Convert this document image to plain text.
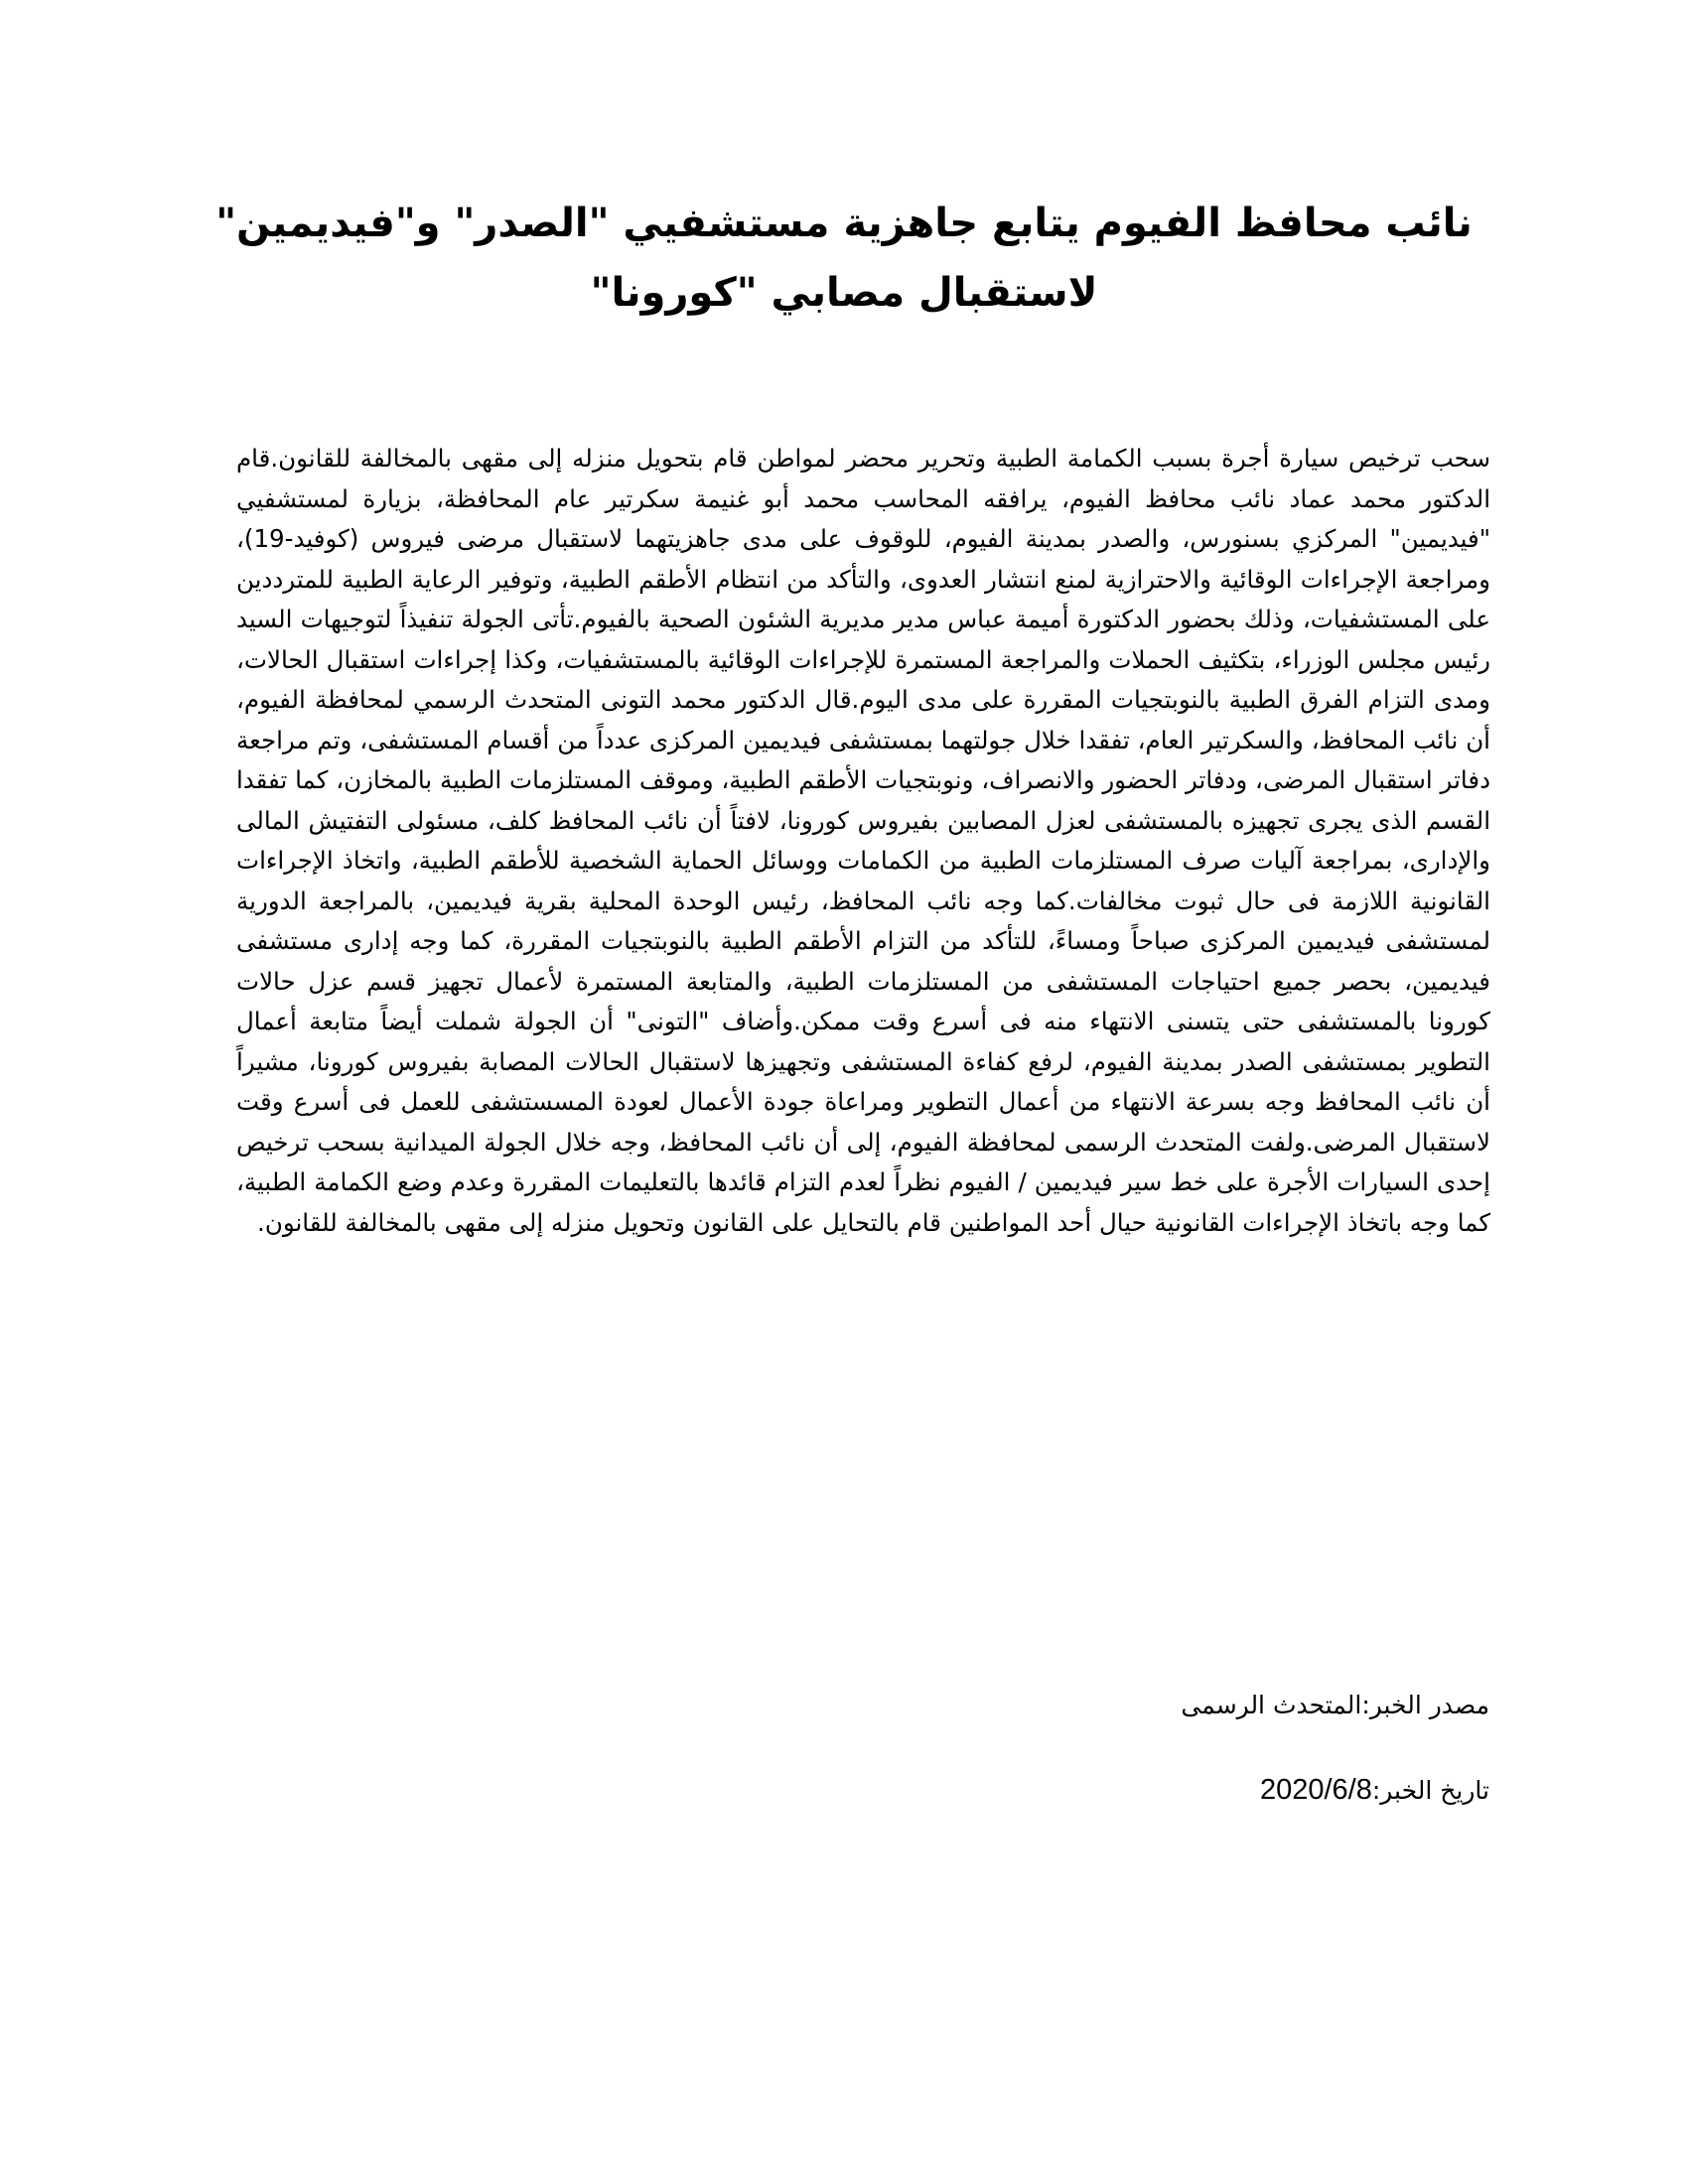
نائب محافظ الفيوم يتابع جاهزية مستشفيي "الصدر" و"فيديمين" لاستقبال مصابي "كورونا"

سحب ترخيص سيارة أجرة بسبب الكمامة الطبية وتحرير محضر لمواطن قام بتحويل منزله إلى مقهى بالمخالفة للقانون.قام الدكتور محمد عماد نائب محافظ الفيوم، يرافقه المحاسب محمد أبو غنيمة سكرتير عام المحافظة، بزيارة لمستشفيي "فيديمين" المركزي بسنورس، والصدر بمدينة الفيوم، للوقوف على مدى جاهزيتهما لاستقبال مرضى فيروس (كوفيد-19)، ومراجعة الإجراءات الوقائية والاحترازية لمنع انتشار العدوى، والتأكد من انتظام الأطقم الطبية، وتوفير الرعاية الطبية للمترددين على المستشفيات، وذلك بحضور الدكتورة أميمة عباس مدير مديرية الشئون الصحية بالفيوم.تأتى الجولة تنفيذاً لتوجيهات السيد رئيس مجلس الوزراء، بتكثيف الحملات والمراجعة المستمرة للإجراءات الوقائية بالمستشفيات، وكذا إجراءات استقبال الحالات، ومدى التزام الفرق الطبية بالنوبتجيات المقررة على مدى اليوم.قال الدكتور محمد التونى المتحدث الرسمي لمحافظة الفيوم، أن نائب المحافظ، والسكرتير العام، تفقدا خلال جولتهما بمستشفى فيديمين المركزى عدداً من أقسام المستشفى، وتم مراجعة دفاتر استقبال المرضى، ودفاتر الحضور والانصراف، ونوبتجيات الأطقم الطبية، وموقف المستلزمات الطبية بالمخازن، كما تفقدا القسم الذى يجرى تجهيزه بالمستشفى لعزل المصابين بفيروس كورونا، لافتاً أن نائب المحافظ كلف، مسئولى التفتيش المالى والإدارى، بمراجعة آليات صرف المستلزمات الطبية من الكمامات ووسائل الحماية الشخصية للأطقم الطبية، واتخاذ الإجراءات القانونية اللازمة فى حال ثبوت مخالفات.كما وجه نائب المحافظ، رئيس الوحدة المحلية بقرية فيديمين، بالمراجعة الدورية لمستشفى فيديمين المركزى صباحاً ومساءً، للتأكد من التزام الأطقم الطبية بالنوبتجيات المقررة، كما وجه إدارى مستشفى فيديمين، بحصر جميع احتياجات المستشفى من المستلزمات الطبية، والمتابعة المستمرة لأعمال تجهيز قسم عزل حالات كورونا بالمستشفى حتى يتسنى الانتهاء منه فى أسرع وقت ممكن.وأضاف "التونى" أن الجولة شملت أيضاً متابعة أعمال التطوير بمستشفى الصدر بمدينة الفيوم، لرفع كفاءة المستشفى وتجهيزها لاستقبال الحالات المصابة بفيروس كورونا، مشيراً أن نائب المحافظ وجه بسرعة الانتهاء من أعمال التطوير ومراعاة جودة الأعمال لعودة المسستشفى للعمل فى أسرع وقت لاستقبال المرضى.ولفت المتحدث الرسمى لمحافظة الفيوم، إلى أن نائب المحافظ، وجه خلال الجولة الميدانية بسحب ترخيص إحدى السيارات الأجرة على خط سير فيديمين / الفيوم نظراً لعدم التزام قائدها بالتعليمات المقررة وعدم وضع الكمامة الطبية، كما وجه باتخاذ الإجراءات القانونية حيال أحد المواطنين قام بالتحايل على القانون وتحويل منزله إلى مقهى بالمخالفة للقانون.

مصدر الخبر:المتحدث الرسمى

تاريخ الخبر:2020/6/8
